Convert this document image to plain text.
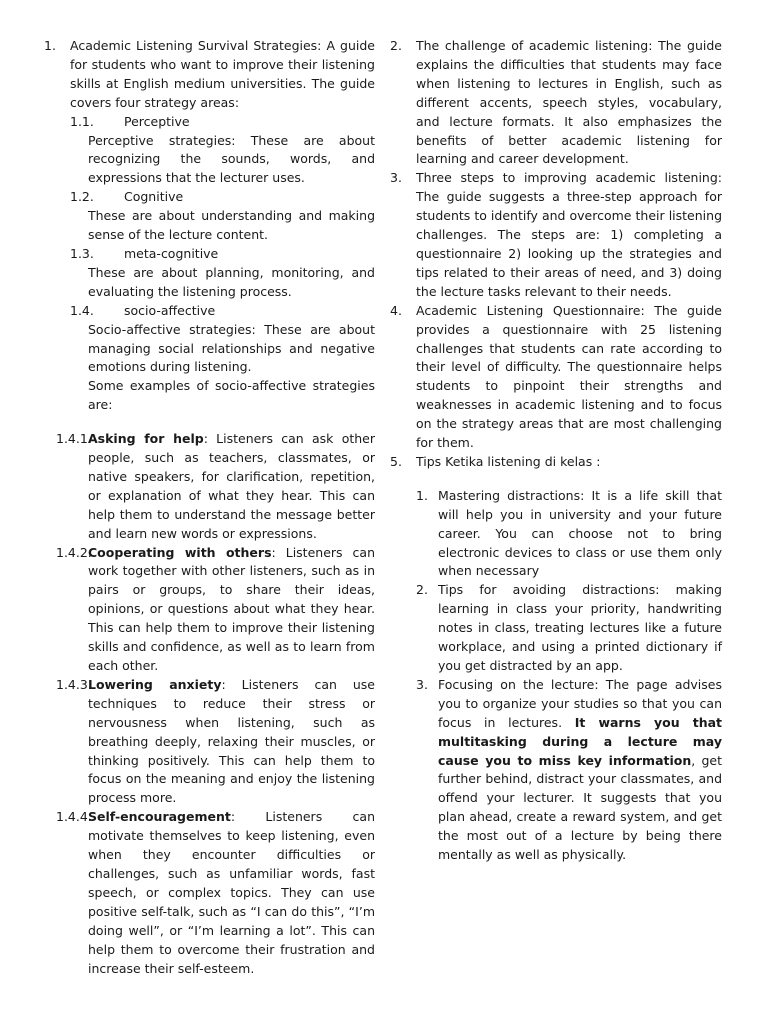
1. Academic Listening Survival Strategies: A guide for students who want to improve their listening skills at English medium universities. The guide covers four strategy areas:

1.1.	Perceptive

Perceptive strategies: These are about recognizing the sounds, words, and expressions that the lecturer uses.

1.2.	Cognitive

These are about understanding and making sense of the lecture content.

1.3.	meta-cognitive

These are about planning, monitoring, and evaluating the listening process.

1.4.	socio-affective

Socio-affective strategies: These are about managing social relationships and negative emotions during listening.

Some examples of socio-affective strategies are:

1.4.1.

Asking for help: Listeners can ask other people, such as teachers, classmates, or native speakers, for clarification, repetition, or explanation of what they hear. This can help them to understand the message better and learn new words or expressions.

1.4.2.

Cooperating with others: Listeners can work together with other listeners, such as in pairs or groups, to share their ideas, opinions, or questions about what they hear. This can help them to improve their listening skills and confidence, as well as to learn from each other.

1.4.3.

Lowering anxiety: Listeners can use techniques to reduce their stress or nervousness when listening, such as breathing deeply, relaxing their muscles, or thinking positively. This can help them to focus on the meaning and enjoy the listening process more.

1.4.4.

Self-encouragement: Listeners can motivate themselves to keep listening, even when they encounter difficulties or challenges, such as unfamiliar words, fast speech, or complex topics. They can use positive self-talk, such as “I can do this”, “I’m doing well”, or “I’m learning a lot”. This can help them to overcome their frustration and increase their self-esteem.

2. The challenge of academic listening: The guide explains the difficulties that students may face when listening to lectures in English, such as different accents, speech styles, vocabulary, and lecture formats. It also emphasizes the benefits of better academic listening for learning and career development.

3. Three steps to improving academic listening: The guide suggests a three-step approach for students to identify and overcome their listening challenges. The steps are: 1) completing a questionnaire 2) looking up the strategies and tips related to their areas of need, and 3) doing the lecture tasks relevant to their needs.

4. Academic Listening Questionnaire: The guide provides a questionnaire with 25 listening challenges that students can rate according to their level of difficulty. The questionnaire helps students to pinpoint their strengths and weaknesses in academic listening and to focus on the strategy areas that are most challenging for them.

5. Tips Ketika listening di kelas :

1. Mastering distractions: It is a life skill that will help you in university and your future career. You can choose not to bring electronic devices to class or use them only when necessary

2. Tips for avoiding distractions: making learning in class your priority, handwriting notes in class, treating lectures like a future workplace, and using a printed dictionary if you get distracted by an app.

3. Focusing on the lecture: The page advises you to organize your studies so that you can focus in lectures. It warns you that multitasking during a lecture may cause you to miss key information, get further behind, distract your classmates, and offend your lecturer. It suggests that you plan ahead, create a reward system, and get the most out of a lecture by being there mentally as well as physically.
